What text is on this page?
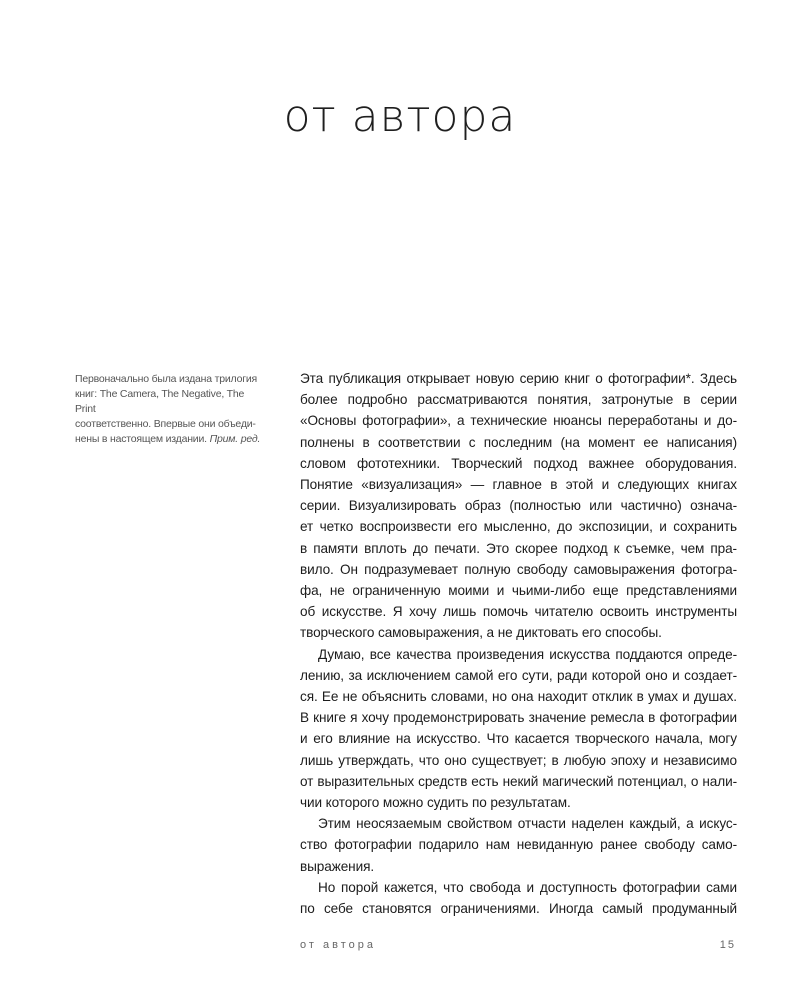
от автора
Первоначально была издана трилогия
книг: The Camera, The Negative, The Print
соответственно. Впервые они объеди-
нены в настоящем издании. Прим. ред.
Эта публикация открывает новую серию книг о фотографии*. Здесь
более подробно рассматриваются понятия, затронутые в серии
«Основы фотографии», а технические нюансы переработаны и до-
полнены в соответствии с последним (на момент ее написания)
словом фототехники. Творческий подход важнее оборудования.
Понятие «визуализация» — главное в этой и следующих книгах
серии. Визуализировать образ (полностью или частично) означа-
ет четко воспроизвести его мысленно, до экспозиции, и сохранить
в памяти вплоть до печати. Это скорее подход к съемке, чем пра-
вило. Он подразумевает полную свободу самовыражения фотогра-
фа, не ограниченную моими и чьими-либо еще представлениями
об искусстве. Я хочу лишь помочь читателю освоить инструменты
творческого самовыражения, а не диктовать его способы.
Думаю, все качества произведения искусства поддаются опреде-
лению, за исключением самой его сути, ради которой оно и создает-
ся. Ее не объяснить словами, но она находит отклик в умах и душах.
В книге я хочу продемонстрировать значение ремесла в фотографии
и его влияние на искусство. Что касается творческого начала, могу
лишь утверждать, что оно существует; в любую эпоху и независимо
от выразительных средств есть некий магический потенциал, о нали-
чии которого можно судить по результатам.
Этим неосязаемым свойством отчасти наделен каждый, а искус-
ство фотографии подарило нам невиданную ранее свободу само-
выражения.
Но порой кажется, что свобода и доступность фотографии сами
по себе становятся ограничениями. Иногда самый продуманный
от автора	15
